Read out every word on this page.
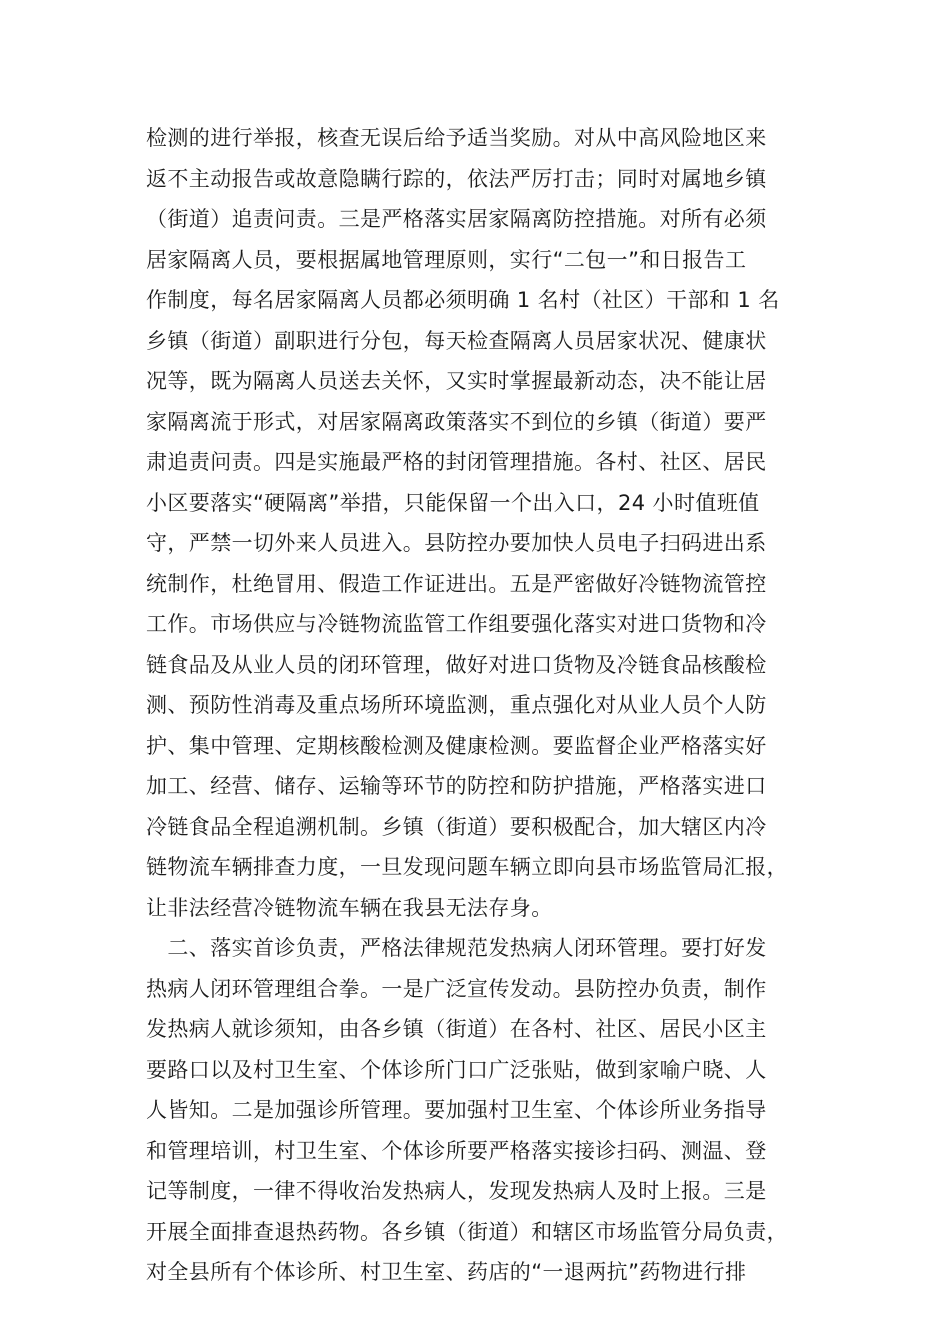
检测的进行举报，核查无误后给予适当奖励。对从中高风险地区来
返不主动报告或故意隐瞒行踪的，依法严厉打击；同时对属地乡镇
（街道）追责问责。三是严格落实居家隔离防控措施。对所有必须
居家隔离人员，要根据属地管理原则，实行“二包一”和日报告工
作制度，每名居家隔离人员都必须明确 1 名村（社区）干部和 1 名
乡镇（街道）副职进行分包，每天检查隔离人员居家状况、健康状
况等，既为隔离人员送去关怀，又实时掌握最新动态，决不能让居
家隔离流于形式，对居家隔离政策落实不到位的乡镇（街道）要严
肃追责问责。四是实施最严格的封闭管理措施。各村、社区、居民
小区要落实“硬隔离”举措，只能保留一个出入口，24 小时值班值
守，严禁一切外来人员进入。县防控办要加快人员电子扫码进出系
统制作，杜绝冒用、假造工作证进出。五是严密做好冷链物流管控
工作。市场供应与冷链物流监管工作组要强化落实对进口货物和冷
链食品及从业人员的闭环管理，做好对进口货物及冷链食品核酸检
测、预防性消毒及重点场所环境监测，重点强化对从业人员个人防
护、集中管理、定期核酸检测及健康检测。要监督企业严格落实好
加工、经营、储存、运输等环节的防控和防护措施，严格落实进口
冷链食品全程追溯机制。乡镇（街道）要积极配合，加大辖区内冷
链物流车辆排查力度，一旦发现问题车辆立即向县市场监管局汇报，
让非法经营冷链物流车辆在我县无法存身。
　二、落实首诊负责，严格法律规范发热病人闭环管理。要打好发
热病人闭环管理组合拳。一是广泛宣传发动。县防控办负责，制作
发热病人就诊须知，由各乡镇（街道）在各村、社区、居民小区主
要路口以及村卫生室、个体诊所门口广泛张贴，做到家喻户晓、人
人皆知。二是加强诊所管理。要加强村卫生室、个体诊所业务指导
和管理培训，村卫生室、个体诊所要严格落实接诊扫码、测温、登
记等制度，一律不得收治发热病人，发现发热病人及时上报。三是
开展全面排查退热药物。各乡镇（街道）和辖区市场监管分局负责，
对全县所有个体诊所、村卫生室、药店的“一退两抗”药物进行排
